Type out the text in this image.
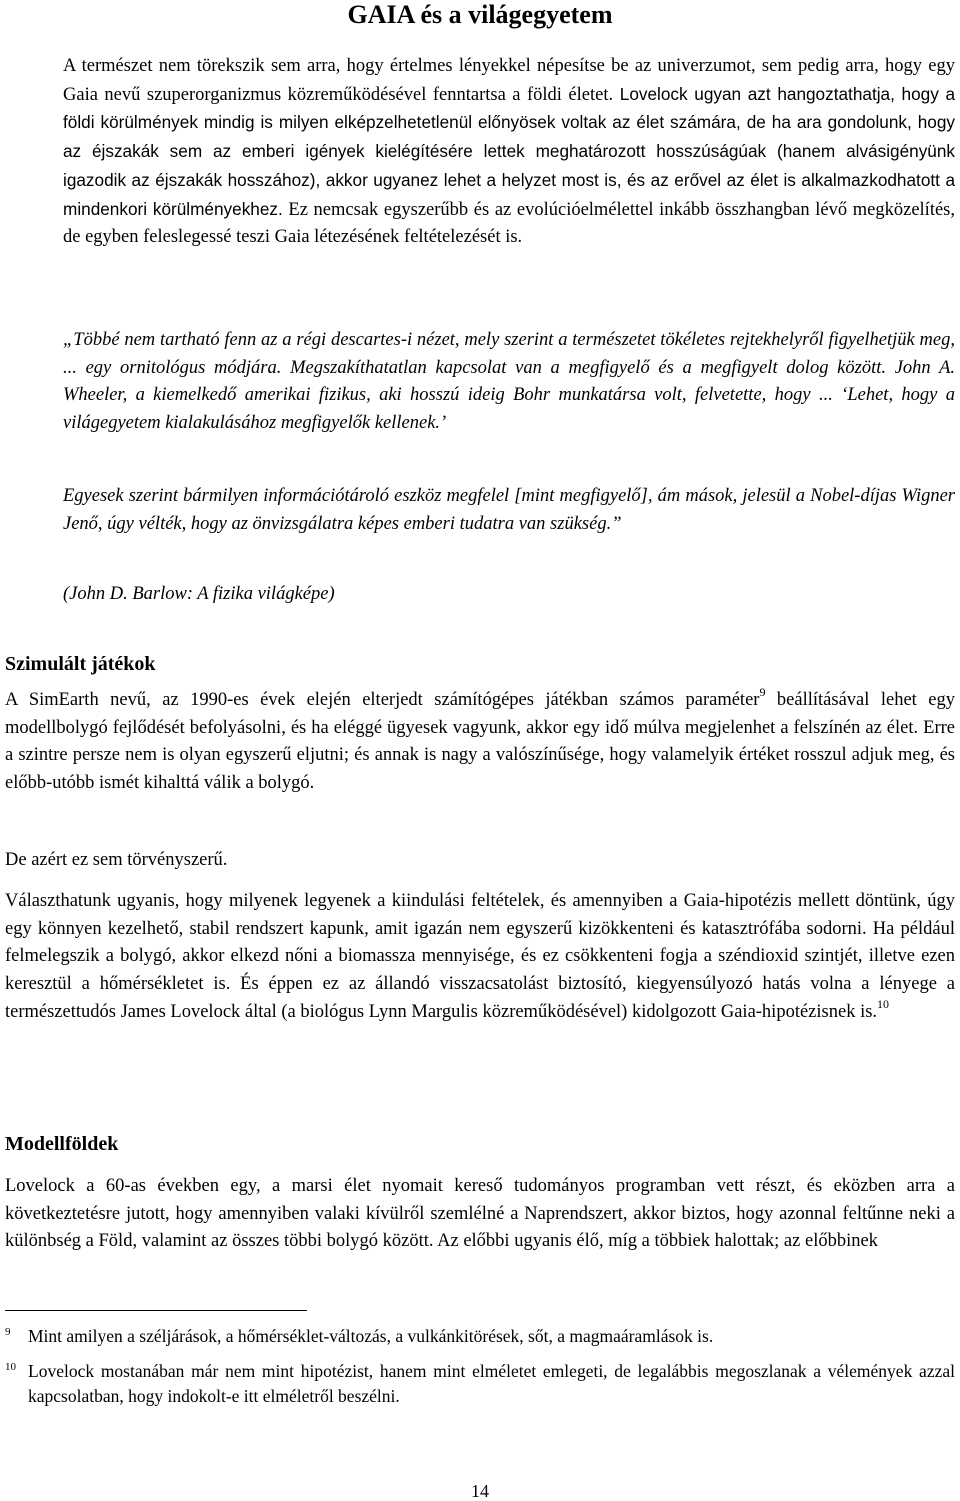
GAIA és a világegyetem

A természet nem törekszik sem arra, hogy értelmes lényekkel népesítse be az univerzumot, sem pedig arra, hogy egy Gaia nevű szuperorganizmus közreműködésével fenntartsa a földi életet. Lovelock ugyan azt hangoztathatja, hogy a földi körülmények mindig is milyen elképzelhetetlenül előnyösek voltak az élet számára, de ha ara gondolunk, hogy az éjszakák sem az emberi igények kielégítésére lettek meghatározott hosszúságúak (hanem alvásigényünk igazodik az éjszakák hosszához), akkor ugyanez lehet a helyzet most is, és az erővel az élet is alkalmazkodhatott a mindenkori körülményekhez. Ez nemcsak egyszerűbb és az evolúcióelmélettel inkább összhangban lévő megközelítés, de egyben feleslegessé teszi Gaia létezésének feltételezését is.

„Többé nem tartható fenn az a régi descartes-i nézet, mely szerint a természetet tökéletes rejtekhelyről figyelhetjük meg, ... egy ornitológus módjára. Megszakíthatatlan kapcsolat van a megfigyelő és a megfigyelt dolog között. John A. Wheeler, a kiemelkedő amerikai fizikus, aki hosszú ideig Bohr munkatársa volt, felvetette, hogy ... ‘Lehet, hogy a világegyetem kialakulásához megfigyelők kellenek.’

Egyesek szerint bármilyen információtároló eszköz megfelel [mint megfigyelő], ám mások, jelesül a Nobel-díjas Wigner Jenő, úgy vélték, hogy az önvizsgálatra képes emberi tudatra van szükség.”

(John D. Barlow: A fizika világképe)

Szimulált játékok

A SimEarth nevű, az 1990-es évek elején elterjedt számítógépes játékban számos paraméter$^9$ beállításával lehet egy modellbolygó fejlődését befolyásolni, és ha eléggé ügyesek vagyunk, akkor egy idő múlva megjelenhet a felszínén az élet. Erre a szintre persze nem is olyan egyszerű eljutni; és annak is nagy a valószínűsége, hogy valamelyik értéket rosszul adjuk meg, és előbb-utóbb ismét kihalttá válik a bolygó.

De azért ez sem törvényszerű.

Választhatunk ugyanis, hogy milyenek legyenek a kiindulási feltételek, és amennyiben a Gaia-hipotézis mellett döntünk, úgy egy könnyen kezelhető, stabil rendszert kapunk, amit igazán nem egyszerű kizökkenteni és katasztrófába sodorni. Ha például felmelegszik a bolygó, akkor elkezd nőni a biomassza mennyisége, és ez csökkenteni fogja a széndioxid szintjét, illetve ezen keresztül a hőmérsékletet is. És éppen ez az állandó visszacsatolást biztosító, kiegyensúlyozó hatás volna a lényege a természettudós James Lovelock által (a biológus Lynn Margulis közreműködésével) kidolgozott Gaia-hipotézisnek is.$^{10}$

Modellföldek

Lovelock a 60-as években egy, a marsi élet nyomait kereső tudományos programban vett részt, és eközben arra a következtetésre jutott, hogy amennyiben valaki kívülről szemlélné a Naprendszert, akkor biztos, hogy azonnal feltűnne neki a különbség a Föld, valamint az összes többi bolygó között. Az előbbi ugyanis élő, míg a többiek halottak; az előbbinek

9	Mint amilyen a széljárások, a hőmérséklet-változás, a vulkánkitörések, sőt, a magmaáramlások is.

10 Lovelock mostanában már nem mint hipotézist, hanem mint elméletet emlegeti, de legalábbis megoszlanak a vélemények azzal kapcsolatban, hogy indokolt-e itt elméletről beszélni.

14
